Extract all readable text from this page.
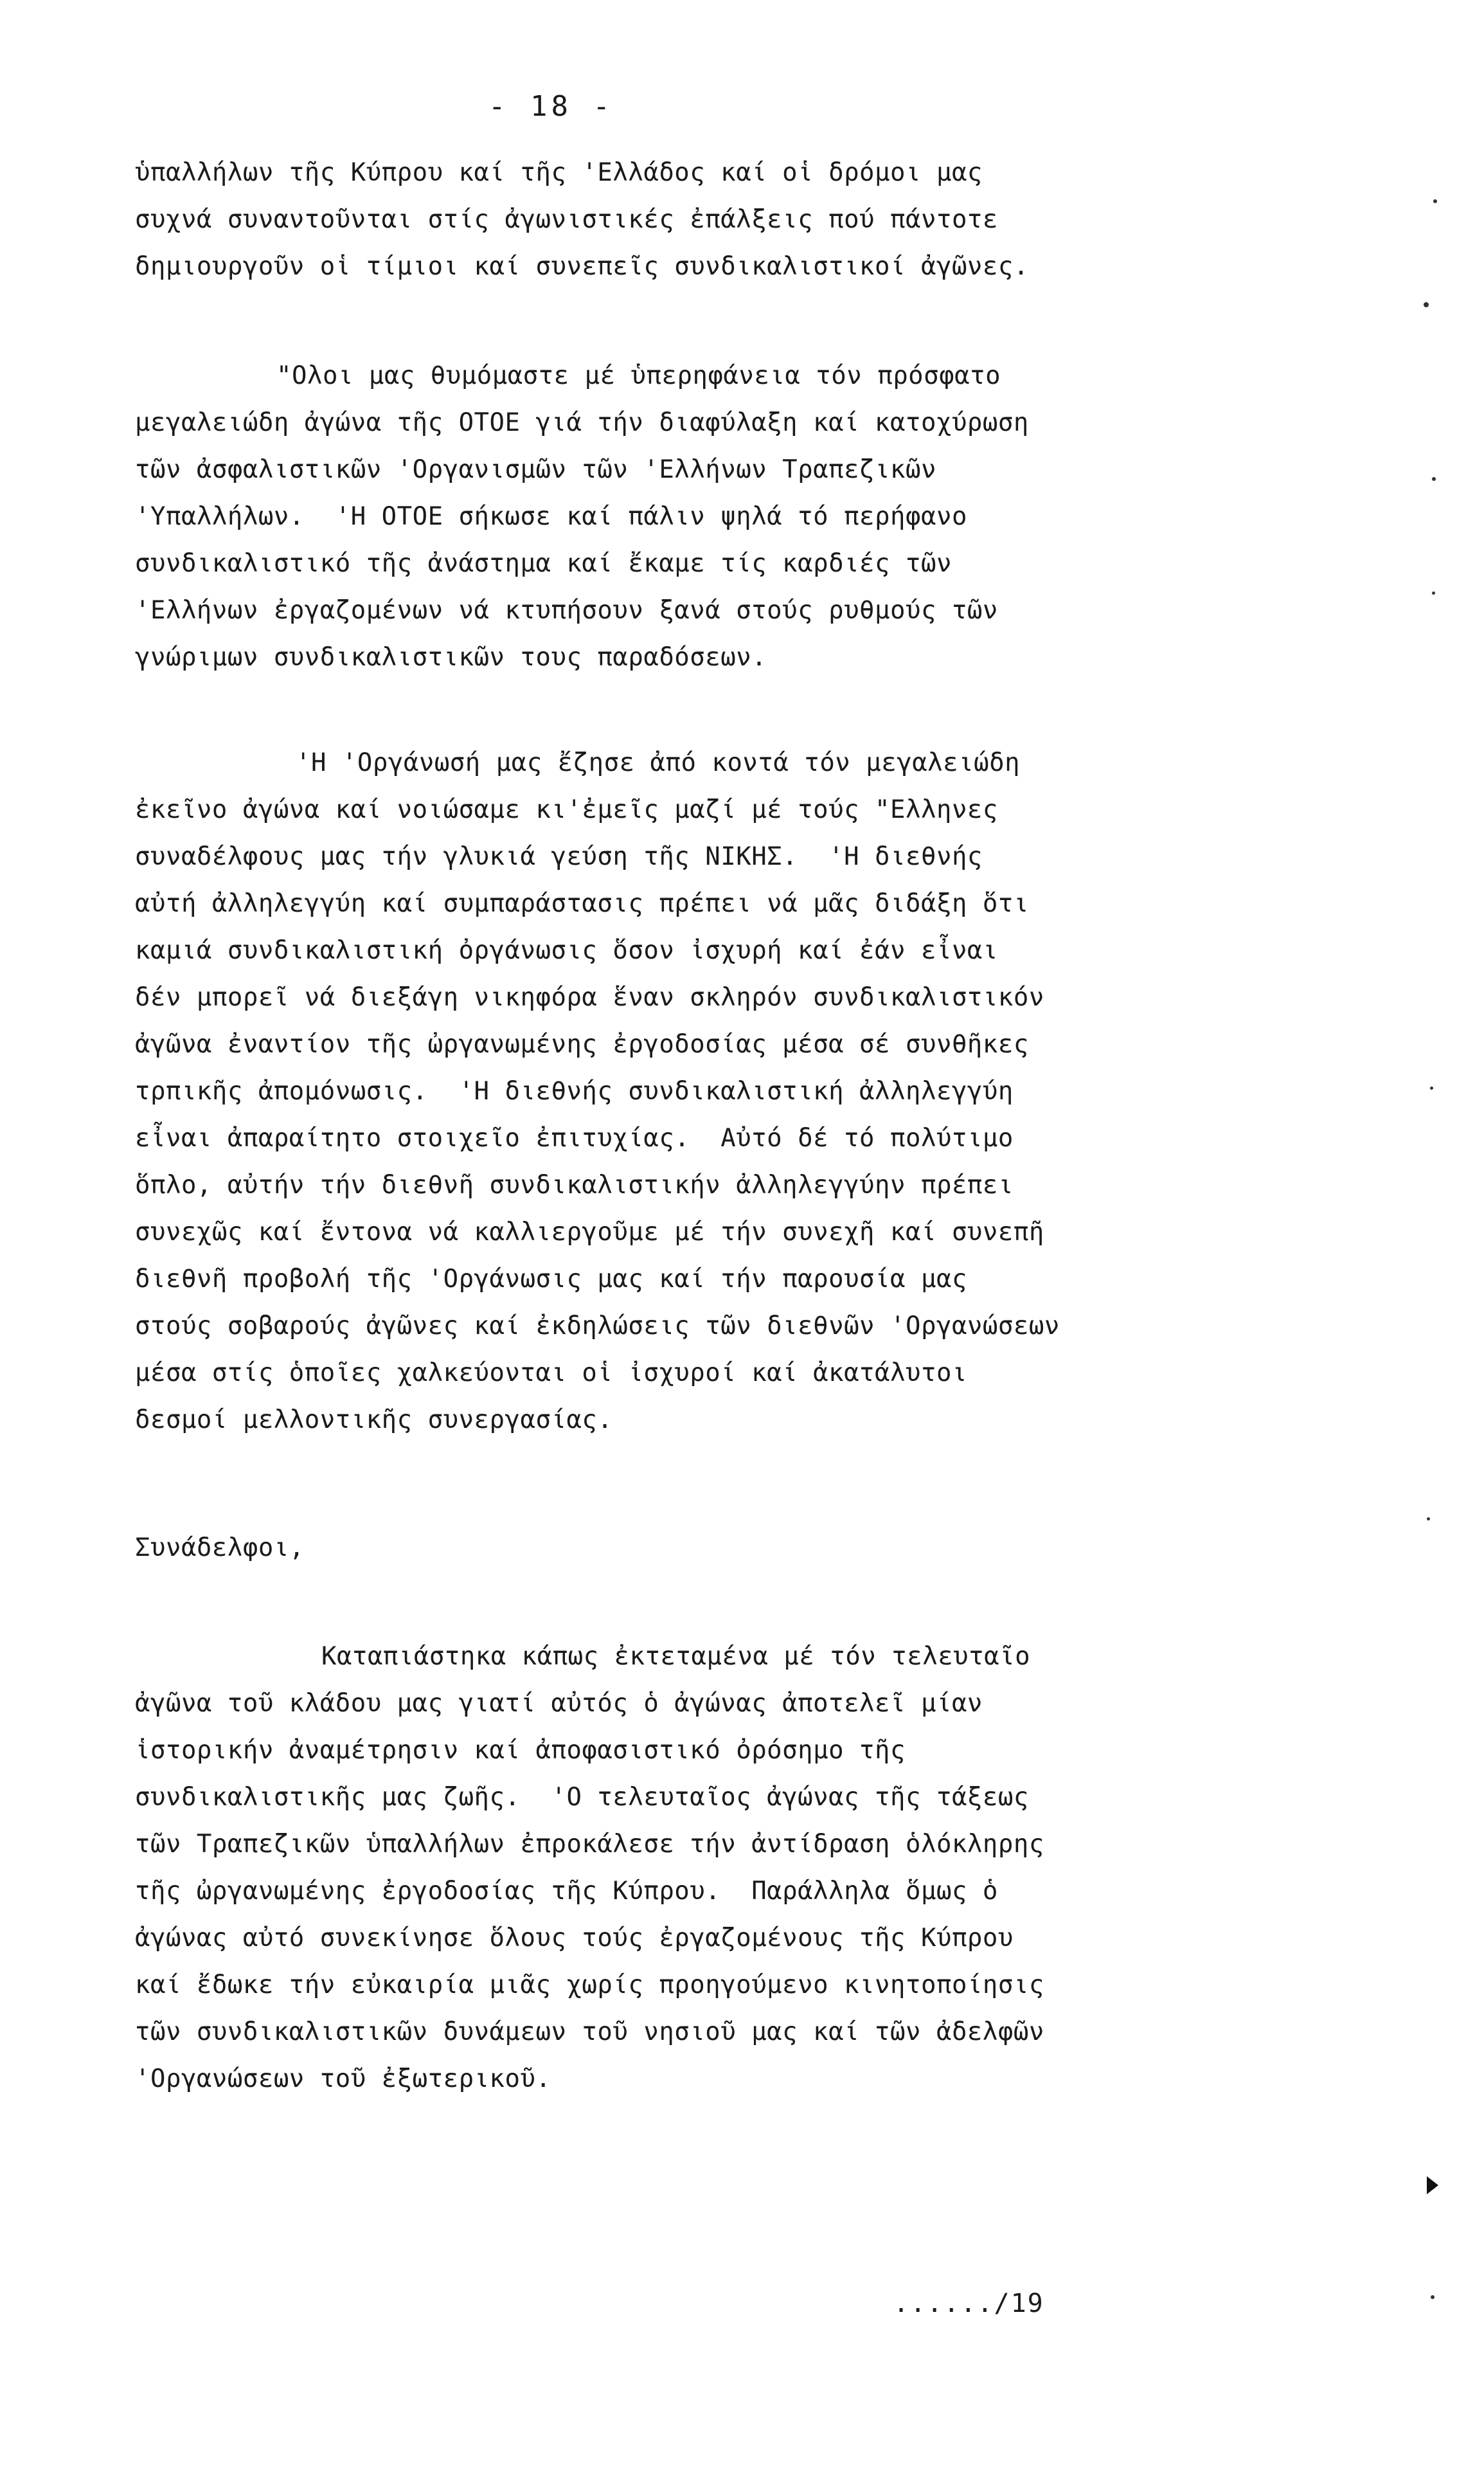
- 18 -
ὑπαλλήλων τῆς Κύπρου καί τῆς 'Ελλάδος καί οἱ δρόμοι μας
συχνά συναντοῦνται στίς ἀγωνιστικές ἐπάλξεις πού πάντοτε
δημιουργοῦν οἱ τίμιοι καί συνεπεῖς συνδικαλιστικοί ἀγῶνες.
"Ολοι μας θυμόμαστε μέ ὑπερηφάνεια τόν πρόσφατο
μεγαλειώδη ἀγώνα τῆς ΟΤΟΕ γιά τήν διαφύλαξη καί κατοχύρωση
τῶν ἀσφαλιστικῶν 'Οργανισμῶν τῶν 'Ελλήνων Τραπεζικῶν
'Υπαλλήλων.  'Η ΟΤΟΕ σήκωσε καί πάλιν ψηλά τό περήφανο
συνδικαλιστικό τῆς ἀνάστημα καί ἔκαμε τίς καρδιές τῶν
'Ελλήνων ἐργαζομένων νά κτυπήσουν ξανά στούς ρυθμούς τῶν
γνώριμων συνδικαλιστικῶν τους παραδόσεων.
'Η 'Οργάνωσή μας ἔζησε ἀπό κοντά τόν μεγαλειώδη
ἐκεῖνο ἀγώνα καί νοιώσαμε κι'ἐμεῖς μαζί μέ τούς "Ελληνες
συναδέλφους μας τήν γλυκιά γεύση τῆς ΝΙΚΗΣ.  'Η διεθνής
αὐτή ἀλληλεγγύη καί συμπαράστασις πρέπει νά μᾶς διδάξη ὅτι
καμιά συνδικαλιστική ὀργάνωσις ὅσον ἰσχυρή καί ἐάν εἶναι
δέν μπορεῖ νά διεξάγη νικηφόρα ἕναν σκληρόν συνδικαλιστικόν
ἀγῶνα ἐναντίον τῆς ὠργανωμένης ἐργοδοσίας μέσα σέ συνθῆκες
τρπικῆς ἀπομόνωσις.  'Η διεθνής συνδικαλιστική ἀλληλεγγύη
εἶναι ἀπαραίτητο στοιχεῖο ἐπιτυχίας.  Αὐτό δέ τό πολύτιμο
ὅπλο, αὐτήν τήν διεθνῆ συνδικαλιστικήν ἀλληλεγγύην πρέπει
συνεχῶς καί ἔντονα νά καλλιεργοῦμε μέ τήν συνεχῆ καί συνεπῆ
διεθνῆ προβολή τῆς 'Οργάνωσις μας καί τήν παρουσία μας
στούς σοβαρούς ἀγῶνες καί ἐκδηλώσεις τῶν διεθνῶν 'Οργανώσεων
μέσα στίς ὁποῖες χαλκεύονται οἱ ἰσχυροί καί ἀκατάλυτοι
δεσμοί μελλοντικῆς συνεργασίας.
Συνάδελφοι,
Καταπιάστηκα κάπως ἐκτεταμένα μέ τόν τελευταῖο
ἀγῶνα τοῦ κλάδου μας γιατί αὐτός ὁ ἀγώνας ἀποτελεῖ μίαν
ἱστορικήν ἀναμέτρησιν καί ἀποφασιστικό ὀρόσημο τῆς
συνδικαλιστικῆς μας ζωῆς.  'Ο τελευταῖος ἀγώνας τῆς τάξεως
τῶν Τραπεζικῶν ὑπαλλήλων ἐπροκάλεσε τήν ἀντίδραση ὁλόκληρης
τῆς ὠργανωμένης ἐργοδοσίας τῆς Κύπρου.  Παράλληλα ὅμως ὁ
ἀγώνας αὐτό συνεκίνησε ὅλους τούς ἐργαζομένους τῆς Κύπρου
καί ἔδωκε τήν εὐκαιρία μιᾶς χωρίς προηγούμενο κινητοποίησις
τῶν συνδικαλιστικῶν δυνάμεων τοῦ νησιοῦ μας καί τῶν ἀδελφῶν
'Οργανώσεων τοῦ ἐξωτερικοῦ.
....../19
